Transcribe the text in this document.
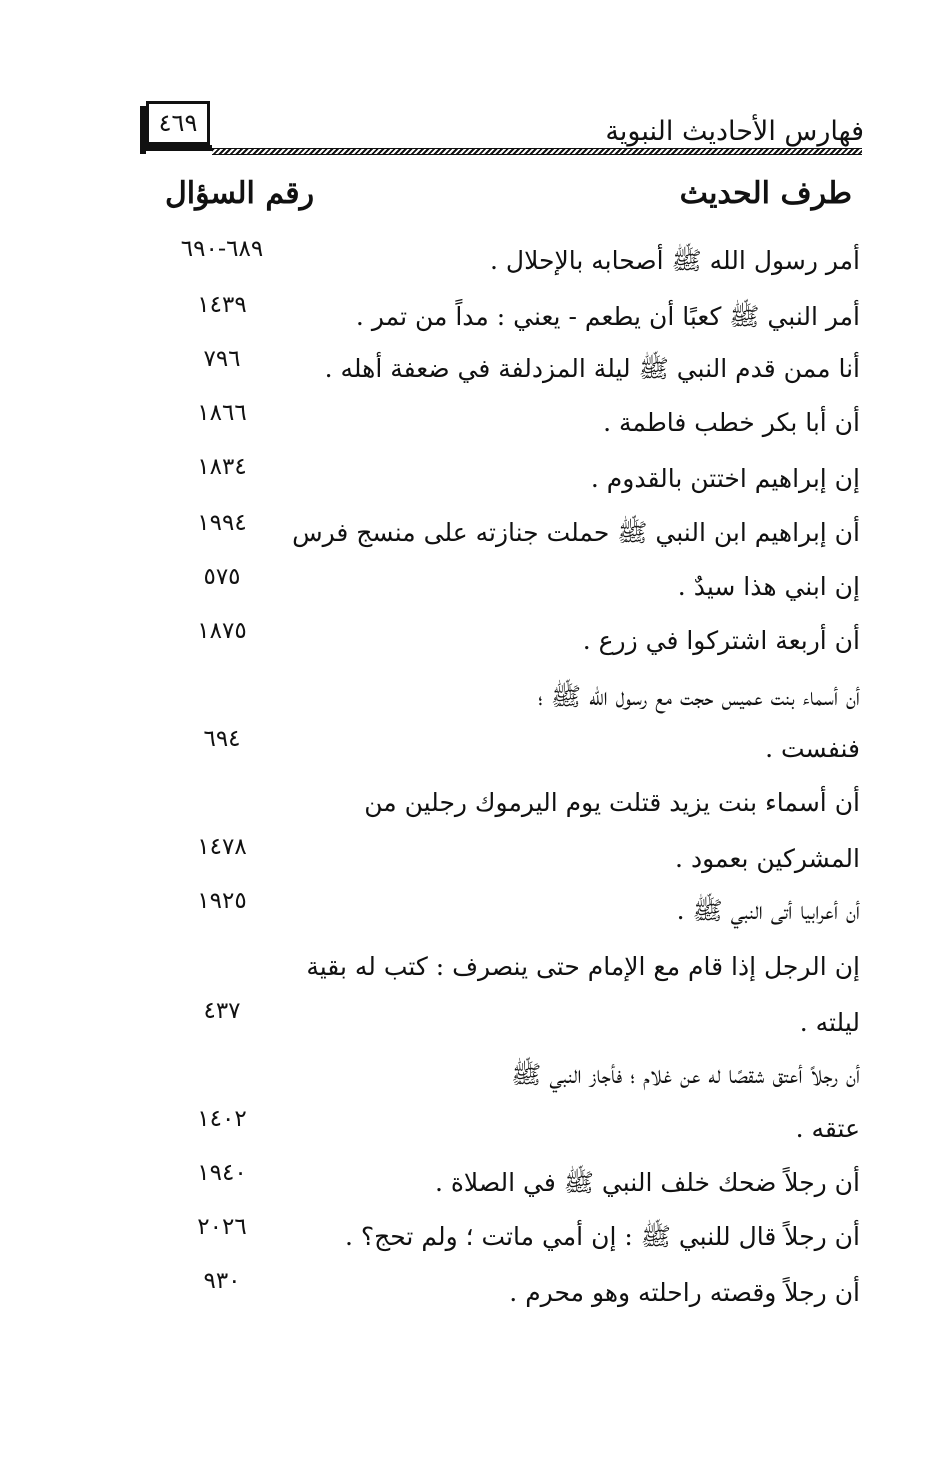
٤٦٩	فهارس الأحاديث النبوية
طرف الحديث
رقم السؤال
أمر رسول الله ﷺ أصحابه بالإحلال .
٦٨٩-٦٩٠
أمر النبي ﷺ كعبًا أن يطعم - يعني : مداً من تمر .
١٤٣٩
أنا ممن قدم النبي ﷺ ليلة المزدلفة في ضعفة أهله .
٧٩٦
أن أبا بكر خطب فاطمة .
١٨٦٦
إن إبراهيم اختتن بالقدوم .
١٨٣٤
أن إبراهيم ابن النبي ﷺ حملت جنازته على منسج فرس
١٩٩٤
إن ابني هذا سيدٌ .
٥٧٥
أن أربعة اشتركوا في زرع .
١٨٧٥
أن أسماء بنت عميس حجت مع رسول الله ﷺ ؛
فنفست .
٦٩٤
أن أسماء بنت يزيد قتلت يوم اليرموك رجلين من
المشركين بعمود .
١٤٧٨
أن أعرابيا أتى النبي ﷺ .
١٩٢٥
إن الرجل إذا قام مع الإمام حتى ينصرف : كتب له بقية
ليلته .
٤٣٧
أن رجلاً أعتق شقصًا له عن غلام ؛ فأجاز النبي ﷺ
عتقه .
١٤٠٢
أن رجلاً ضحك خلف النبي ﷺ في الصلاة .
١٩٤٠
أن رجلاً قال للنبي ﷺ : إن أمي ماتت ؛ ولم تحج؟ .
٢٠٢٦
أن رجلاً وقصته راحلته وهو محرم .
٩٣٠
